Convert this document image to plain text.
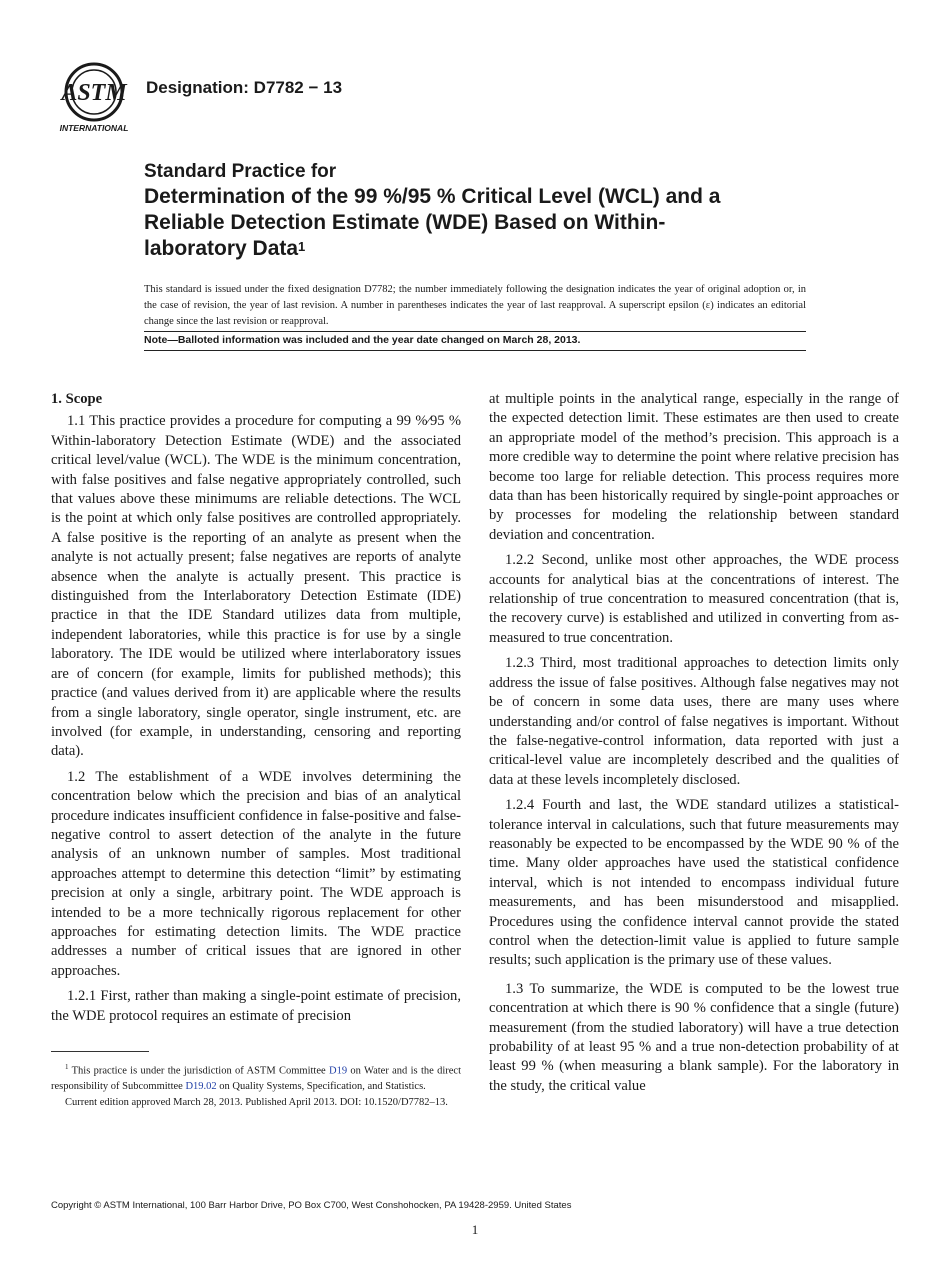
ASTM
INTERNATIONAL
Designation: D7782 − 13
Standard Practice for
Determination of the 99 %/95 % Critical Level (WCL) and a
Reliable Detection Estimate (WDE) Based on Within-
laboratory Data$^1$
This standard is issued under the fixed designation D7782; the number immediately following the designation indicates the year of original adoption or, in the case of revision, the year of last revision. A number in parentheses indicates the year of last reapproval. A superscript epsilon (ε) indicates an editorial change since the last revision or reapproval.
Note—Balloted information was included and the year date changed on March 28, 2013.

1. Scope

1.1 This practice provides a procedure for computing a 99 %⁄95 % Within-laboratory Detection Estimate (WDE) and the associated critical level/value (WCL). The WDE is the minimum concentration, with false positives and false negative appropriately controlled, such that values above these minimums are reliable detections. The WCL is the point at which only false positives are controlled appropriately. A false positive is the reporting of an analyte as present when the analyte is not actually present; false negatives are reports of analyte absence when the analyte is actually present. This practice is distinguished from the Interlaboratory Detection Estimate (IDE) practice in that the IDE Standard utilizes data from multiple, independent laboratories, while this practice is for use by a single laboratory. The IDE would be utilized where interlaboratory issues are of concern (for example, limits for published methods); this practice (and values derived from it) are applicable where the results from a single laboratory, single operator, single instrument, etc. are involved (for example, in understanding, censoring and reporting data).

1.2 The establishment of a WDE involves determining the concentration below which the precision and bias of an analytical procedure indicates insufficient confidence in false-positive and false-negative control to assert detection of the analyte in the future analysis of an unknown number of samples. Most traditional approaches attempt to determine this detection “limit” by estimating precision at only a single, arbitrary point. The WDE approach is intended to be a more technically rigorous replacement for other approaches for estimating detection limits. The WDE practice addresses a number of critical issues that are ignored in other approaches.

1.2.1 First, rather than making a single-point estimate of precision, the WDE protocol requires an estimate of precision

at multiple points in the analytical range, especially in the range of the expected detection limit. These estimates are then used to create an appropriate model of the method’s precision. This approach is a more credible way to determine the point where relative precision has become too large for reliable detection. This process requires more data than has been historically required by single-point approaches or by processes for modeling the relationship between standard deviation and concentration.

1.2.2 Second, unlike most other approaches, the WDE process accounts for analytical bias at the concentrations of interest. The relationship of true concentration to measured concentration (that is, the recovery curve) is established and utilized in converting from as-measured to true concentration.

1.2.3 Third, most traditional approaches to detection limits only address the issue of false positives. Although false negatives may not be of concern in some data uses, there are many uses where understanding and/or control of false negatives is important. Without the false-negative-control information, data reported with just a critical-level value are incompletely described and the qualities of data at these levels incompletely disclosed.

1.2.4 Fourth and last, the WDE standard utilizes a statistical-tolerance interval in calculations, such that future measurements may reasonably be expected to be encompassed by the WDE 90 % of the time. Many older approaches have used the statistical confidence interval, which is not intended to encompass individual future measurements, and has been misunderstood and misapplied. Procedures using the confidence interval cannot provide the stated control when the detection-limit value is applied to future sample results; such application is the primary use of these values.

1.3 To summarize, the WDE is computed to be the lowest true concentration at which there is 90 % confidence that a single (future) measurement (from the studied laboratory) will have a true detection probability of at least 95 % and a true non-detection probability of at least 99 % (when measuring a blank sample). For the laboratory in the study, the critical value

$^1$ This practice is under the jurisdiction of ASTM Committee D19 on Water and is the direct responsibility of Subcommittee D19.02 on Quality Systems, Specification, and Statistics.

Current edition approved March 28, 2013. Published April 2013. DOI: 10.1520/D7782–13.

Copyright © ASTM International, 100 Barr Harbor Drive, PO Box C700, West Conshohocken, PA 19428-2959. United States
1
